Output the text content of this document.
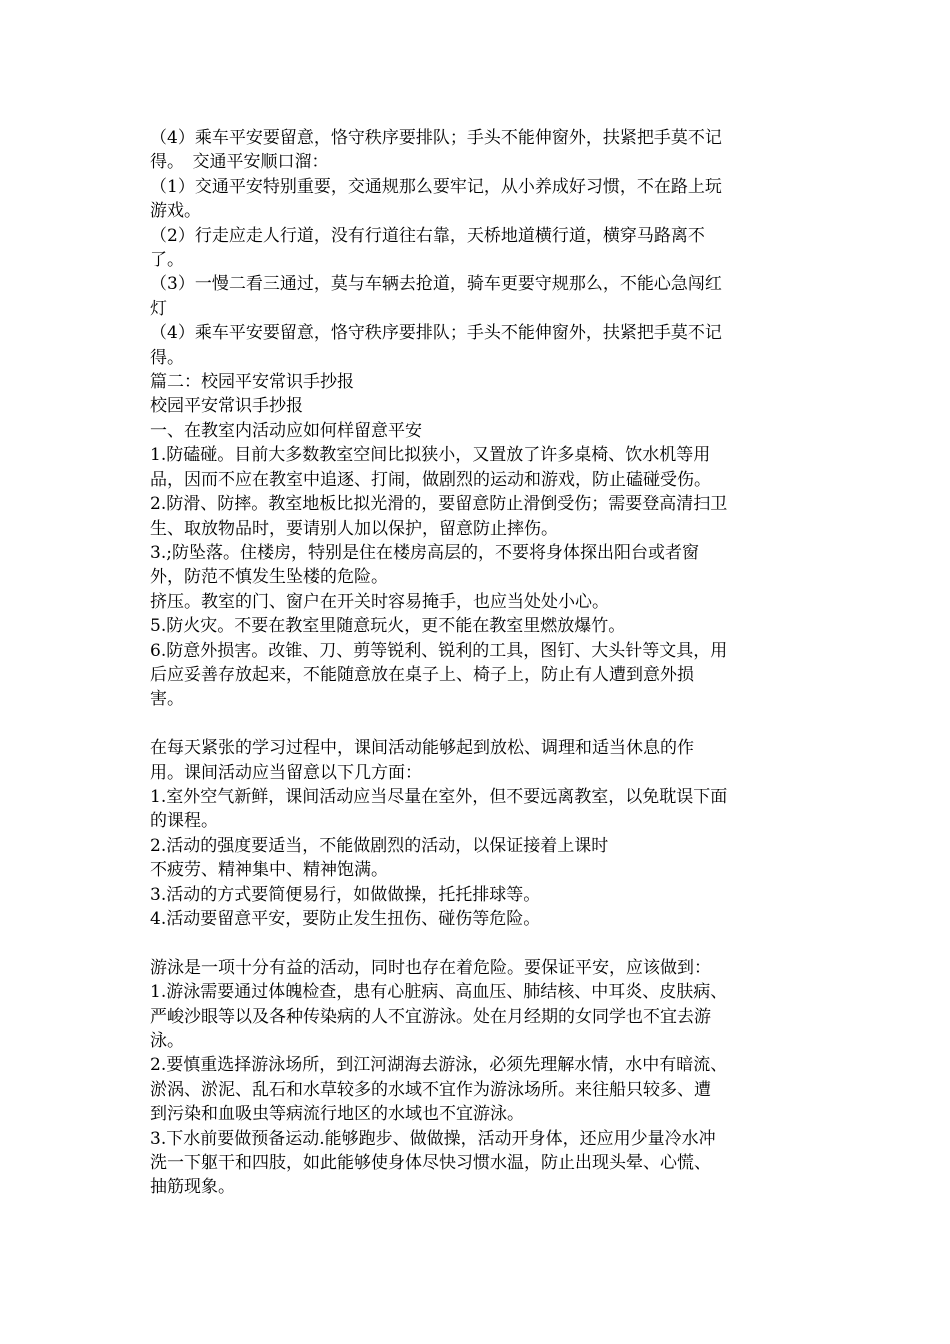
（4）乘车平安要留意，恪守秩序要排队；手头不能伸窗外，扶紧把手莫不记
得。　交通平安顺口溜：
（1）交通平安特别重要，交通规那么要牢记，从小养成好习惯，不在路上玩
游戏。
（2）行走应走人行道，没有行道往右靠，天桥地道横行道，横穿马路离不
了。
（3）一慢二看三通过，莫与车辆去抢道，骑车更要守规那么，不能心急闯红
灯
（4）乘车平安要留意，恪守秩序要排队；手头不能伸窗外，扶紧把手莫不记
得。
篇二：校园平安常识手抄报
校园平安常识手抄报
一、在教室内活动应如何样留意平安
1.防磕碰。目前大多数教室空间比拟狭小，又置放了许多桌椅、饮水机等用
品，因而不应在教室中追逐、打闹，做剧烈的运动和游戏，防止磕碰受伤。
2.防滑、防摔。教室地板比拟光滑的，要留意防止滑倒受伤；需要登高清扫卫
生、取放物品时，要请别人加以保护，留意防止摔伤。
3.;防坠落。住楼房，特别是住在楼房高层的，不要将身体探出阳台或者窗
外，防范不慎发生坠楼的危险。
挤压。教室的门、窗户在开关时容易掩手，也应当处处小心。
5.防火灾。不要在教室里随意玩火，更不能在教室里燃放爆竹。
6.防意外损害。改锥、刀、剪等锐利、锐利的工具，图钉、大头针等文具，用
后应妥善存放起来，不能随意放在桌子上、椅子上，防止有人遭到意外损
害。
在每天紧张的学习过程中，课间活动能够起到放松、调理和适当休息的作
用。课间活动应当留意以下几方面：
1.室外空气新鲜，课间活动应当尽量在室外，但不要远离教室，以免耽误下面
的课程。
2.活动的强度要适当，不能做剧烈的活动，以保证接着上课时
不疲劳、精神集中、精神饱满。
3.活动的方式要简便易行，如做做操，托托排球等。
4.活动要留意平安，要防止发生扭伤、碰伤等危险。
游泳是一项十分有益的活动，同时也存在着危险。要保证平安，应该做到：
1.游泳需要通过体魄检查，患有心脏病、高血压、肺结核、中耳炎、皮肤病、
严峻沙眼等以及各种传染病的人不宜游泳。处在月经期的女同学也不宜去游
泳。
2.要慎重选择游泳场所，到江河湖海去游泳，必须先理解水情，水中有暗流、
淤涡、淤泥、乱石和水草较多的水域不宜作为游泳场所。来往船只较多、遭
到污染和血吸虫等病流行地区的水域也不宜游泳。
3.下水前要做预备运动.能够跑步、做做操，活动开身体，还应用少量冷水冲
洗一下躯干和四肢，如此能够使身体尽快习惯水温，防止出现头晕、心慌、
抽筋现象。
